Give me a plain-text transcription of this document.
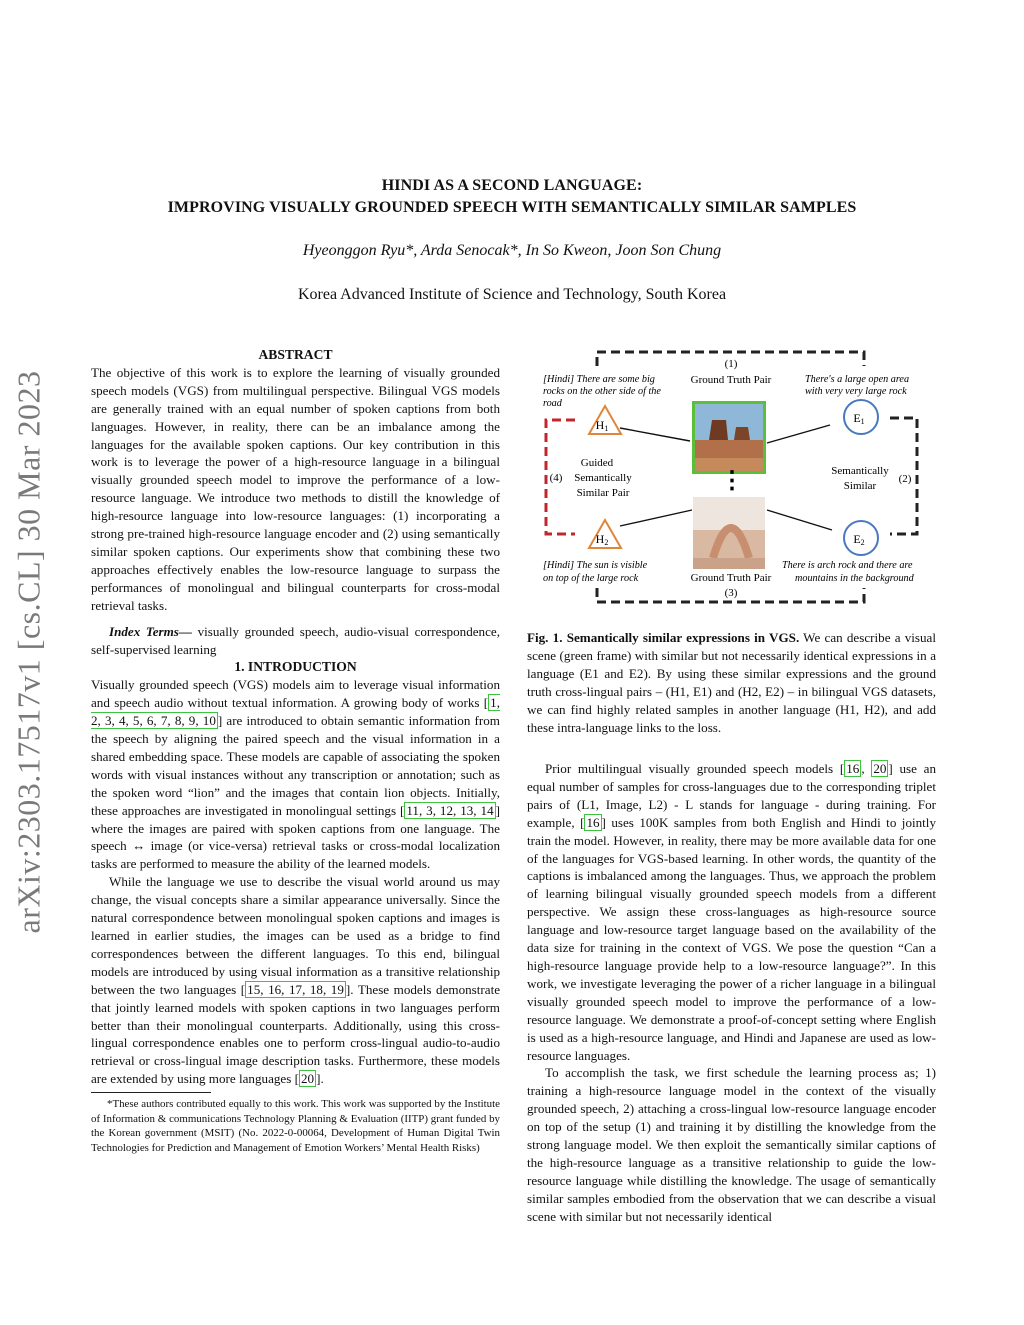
arXiv:2303.17517v1 [cs.CL] 30 Mar 2023
HINDI AS A SECOND LANGUAGE:
IMPROVING VISUALLY GROUNDED SPEECH WITH SEMANTICALLY SIMILAR SAMPLES
Hyeonggon Ryu*, Arda Senocak*, In So Kweon, Joon Son Chung
Korea Advanced Institute of Science and Technology, South Korea

ABSTRACT

The objective of this work is to explore the learning of visually grounded speech models (VGS) from multilingual perspective. Bilingual VGS models are generally trained with an equal number of spoken captions from both languages. However, in reality, there can be an imbalance among the languages for the available spoken captions. Our key contribution in this work is to leverage the power of a high-resource language in a bilingual visually grounded speech model to improve the performance of a low-resource language. We introduce two methods to distill the knowledge of high-resource language into low-resource languages: (1) incorporating a strong pre-trained high-resource language encoder and (2) using semantically similar spoken captions. Our experiments show that combining these two approaches effectively enables the low-resource language to surpass the performances of monolingual and bilingual counterparts for cross-modal retrieval tasks.

Index Terms— visually grounded speech, audio-visual correspondence, self-supervised learning

1. INTRODUCTION

Visually grounded speech (VGS) models aim to leverage visual information and speech audio without textual information. A growing body of works [ 1, 2, 3, 4, 5, 6, 7, 8, 9, 10 ] are introduced to obtain semantic information from the speech by aligning the paired speech and the visual information in a shared embedding space. These models are capable of associating the spoken words with visual instances without any transcription or annotation; such as the spoken word “lion” and the images that contain lion objects. Initially, these approaches are investigated in monolingual settings [ 11, 3, 12, 13, 14 ] where the images are paired with spoken captions from one language. The speech ↔ image (or vice-versa) retrieval tasks or cross-modal localization tasks are performed to measure the ability of the learned models.

While the language we use to describe the visual world around us may change, the visual concepts share a similar appearance universally. Since the natural correspondence between monolingual spoken captions and images is learned in earlier studies, the images can be used as a bridge to find correspondences between the different languages. To this end, bilingual models are introduced by using visual information as a transitive relationship between the two languages [ 15, 16, 17, 18, 19 ]. These models demonstrate that jointly learned models with spoken captions in two languages perform better than their monolingual counterparts. Additionally, using this cross-lingual correspondence enables one to perform cross-lingual audio-to-audio retrieval or cross-lingual image description tasks. Furthermore, these models are extended by using more languages [ 20 ].

*These authors contributed equally to this work. This work was supported by the Institute of Information & communications Technology Planning & Evaluation (IITP) grant funded by the Korean government (MSIT) (No. 2022-0-00064, Development of Human Digital Twin Technologies for Prediction and Management of Emotion Workers’ Mental Health Risks)

⋮
H1
H2
E1
E2
(1)
Ground Truth Pair
Ground Truth Pair
(3)
[Hindi] There are some big
rocks on the other side of the
road
There's a large open area
with very very large rock
[Hindi] The sun is visible
on top of the large rock
There is arch rock and there are
mountains in the background
Guided
(4) Semantically
Similar Pair
Semantically
Similar
(2)
Fig. 1. Semantically similar expressions in VGS. We can describe a visual scene (green frame) with similar but not necessarily identical expressions in a language (E1 and E2). By using these similar expressions and the ground truth cross-lingual pairs – (H1, E1) and (H2, E2) – in bilingual VGS datasets, we can find highly related samples in another language (H1, H2), and add these intra-language links to the loss.

Prior multilingual visually grounded speech models [ 16 , 20 ] use an equal number of samples for cross-languages due to the corresponding triplet pairs of (L1, Image, L2) - L stands for language - during training. For example, [ 16 ] uses 100K samples from both English and Hindi to jointly train the model. However, in reality, there may be more available data for one of the languages for VGS-based learning. In other words, the quantity of the captions is imbalanced among the languages. Thus, we approach the problem of learning bilingual visually grounded speech models from a different perspective. We assign these cross-languages as high-resource source language and low-resource target language based on the availability of the data size for training in the context of VGS. We pose the question “Can a high-resource language provide help to a low-resource language?”. In this work, we investigate leveraging the power of a richer language in a bilingual visually grounded speech model to improve the performance of a low-resource language. We demonstrate a proof-of-concept setting where English is used as a high-resource language, and Hindi and Japanese are used as low-resource languages.

To accomplish the task, we first schedule the learning process as; 1) training a high-resource language model in the context of the visually grounded speech, 2) attaching a cross-lingual low-resource language encoder on top of the setup (1) and training it by distilling the knowledge from the strong language model. We then exploit the semantically similar captions of the high-resource language as a transitive relationship to guide the low-resource language while distilling the knowledge. The usage of semantically similar samples embodied from the observation that we can describe a visual scene with similar but not necessarily identical
